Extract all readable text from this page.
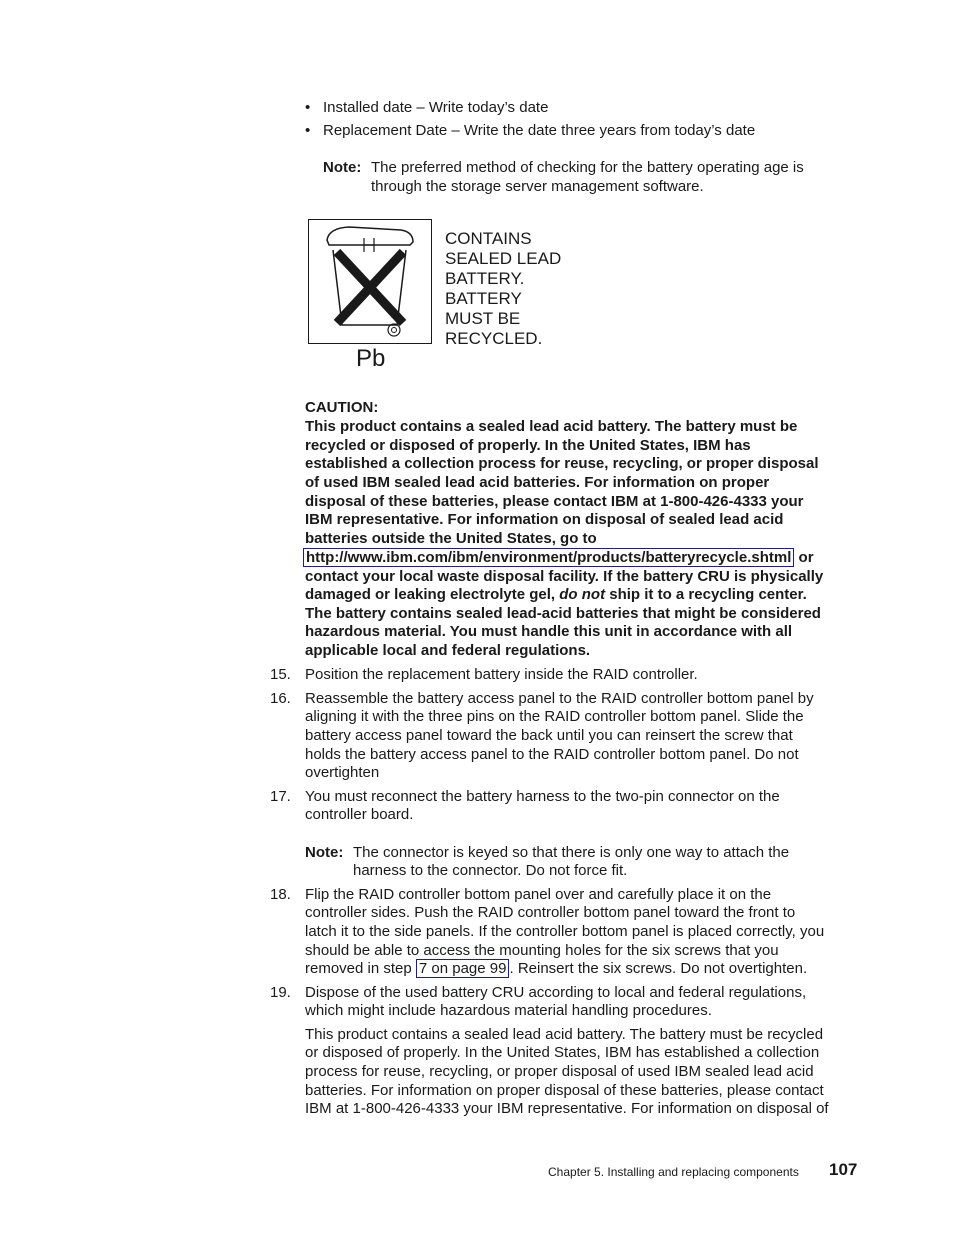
• Installed date – Write today’s date
• Replacement Date – Write the date three years from today’s date
Note: The preferred method of checking for the battery operating age is
through the storage server management software.
Pb
CONTAINS
SEALED LEAD
BATTERY.
BATTERY
MUST BE
RECYCLED.
CAUTION:
This product contains a sealed lead acid battery. The battery must be
recycled or disposed of properly. In the United States, IBM has
established a collection process for reuse, recycling, or proper disposal
of used IBM sealed lead acid batteries. For information on proper
disposal of these batteries, please contact IBM at 1-800-426-4333 your
IBM representative. For information on disposal of sealed lead acid
batteries outside the United States, go to
http://www.ibm.com/ibm/environment/products/batteryrecycle.shtml or
contact your local waste disposal facility. If the battery CRU is physically
damaged or leaking electrolyte gel, do not ship it to a recycling center.
The battery contains sealed lead-acid batteries that might be considered
hazardous material. You must handle this unit in accordance with all
applicable local and federal regulations.
15. Position the replacement battery inside the RAID controller.
16. Reassemble the battery access panel to the RAID controller bottom panel by
aligning it with the three pins on the RAID controller bottom panel. Slide the
battery access panel toward the back until you can reinsert the screw that
holds the battery access panel to the RAID controller bottom panel. Do not
overtighten
17. You must reconnect the battery harness to the two-pin connector on the
controller board.
Note: The connector is keyed so that there is only one way to attach the
harness to the connector. Do not force fit.
18. Flip the RAID controller bottom panel over and carefully place it on the
controller sides. Push the RAID controller bottom panel toward the front to
latch it to the side panels. If the controller bottom panel is placed correctly, you
should be able to access the mounting holes for the six screws that you
removed in step 7 on page 99 . Reinsert the six screws. Do not overtighten.
19. Dispose of the used battery CRU according to local and federal regulations,
which might include hazardous material handling procedures.
This product contains a sealed lead acid battery. The battery must be recycled
or disposed of properly. In the United States, IBM has established a collection
process for reuse, recycling, or proper disposal of used IBM sealed lead acid
batteries. For information on proper disposal of these batteries, please contact
IBM at 1-800-426-4333 your IBM representative. For information on disposal of
Chapter 5. Installing and replacing components 107
